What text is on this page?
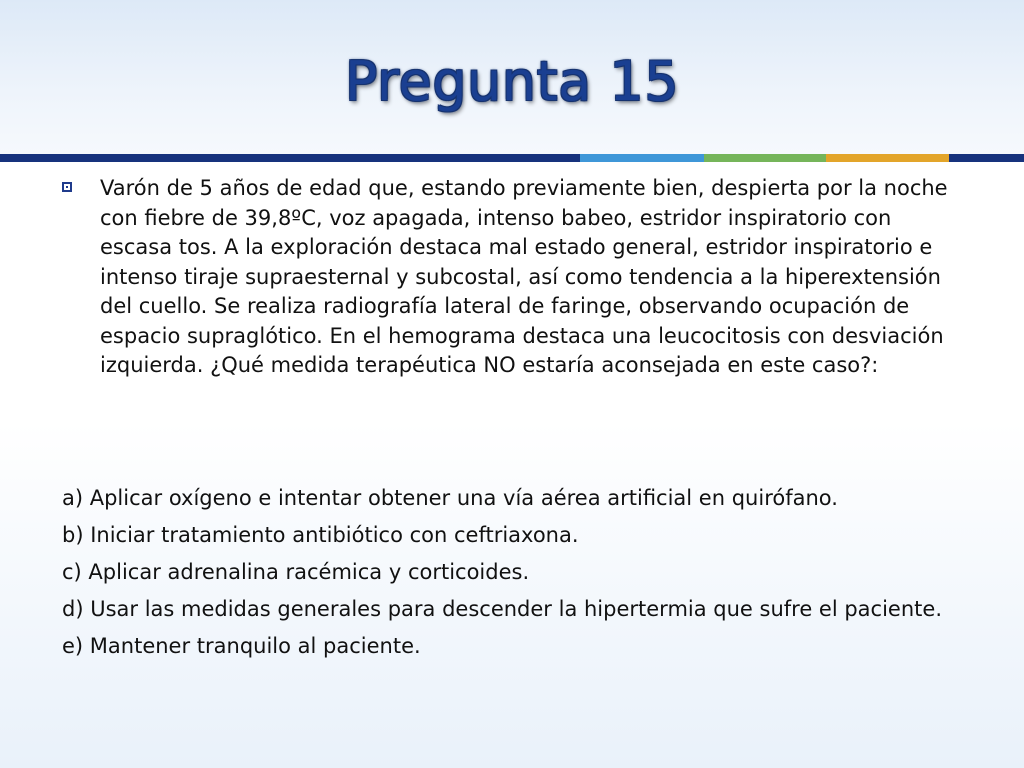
Pregunta 15
Varón de 5 años de edad que, estando previamente bien, despierta por la noche con fiebre de 39,8ºC, voz apagada, intenso babeo, estridor inspiratorio con escasa tos. A la exploración destaca mal estado general, estridor inspiratorio e intenso tiraje supraesternal y subcostal, así como tendencia a la hiperextensión del cuello. Se realiza radiografía lateral de faringe, observando ocupación de espacio supraglótico. En el hemograma destaca una leucocitosis con desviación izquierda. ¿Qué medida terapéutica NO estaría aconsejada en este caso?:
a) Aplicar oxígeno e intentar obtener una vía aérea artificial en quirófano.
b) Iniciar tratamiento antibiótico con ceftriaxona.
c) Aplicar adrenalina racémica y corticoides.
d) Usar las medidas generales para descender la hipertermia que sufre el paciente.
e) Mantener tranquilo al paciente.
